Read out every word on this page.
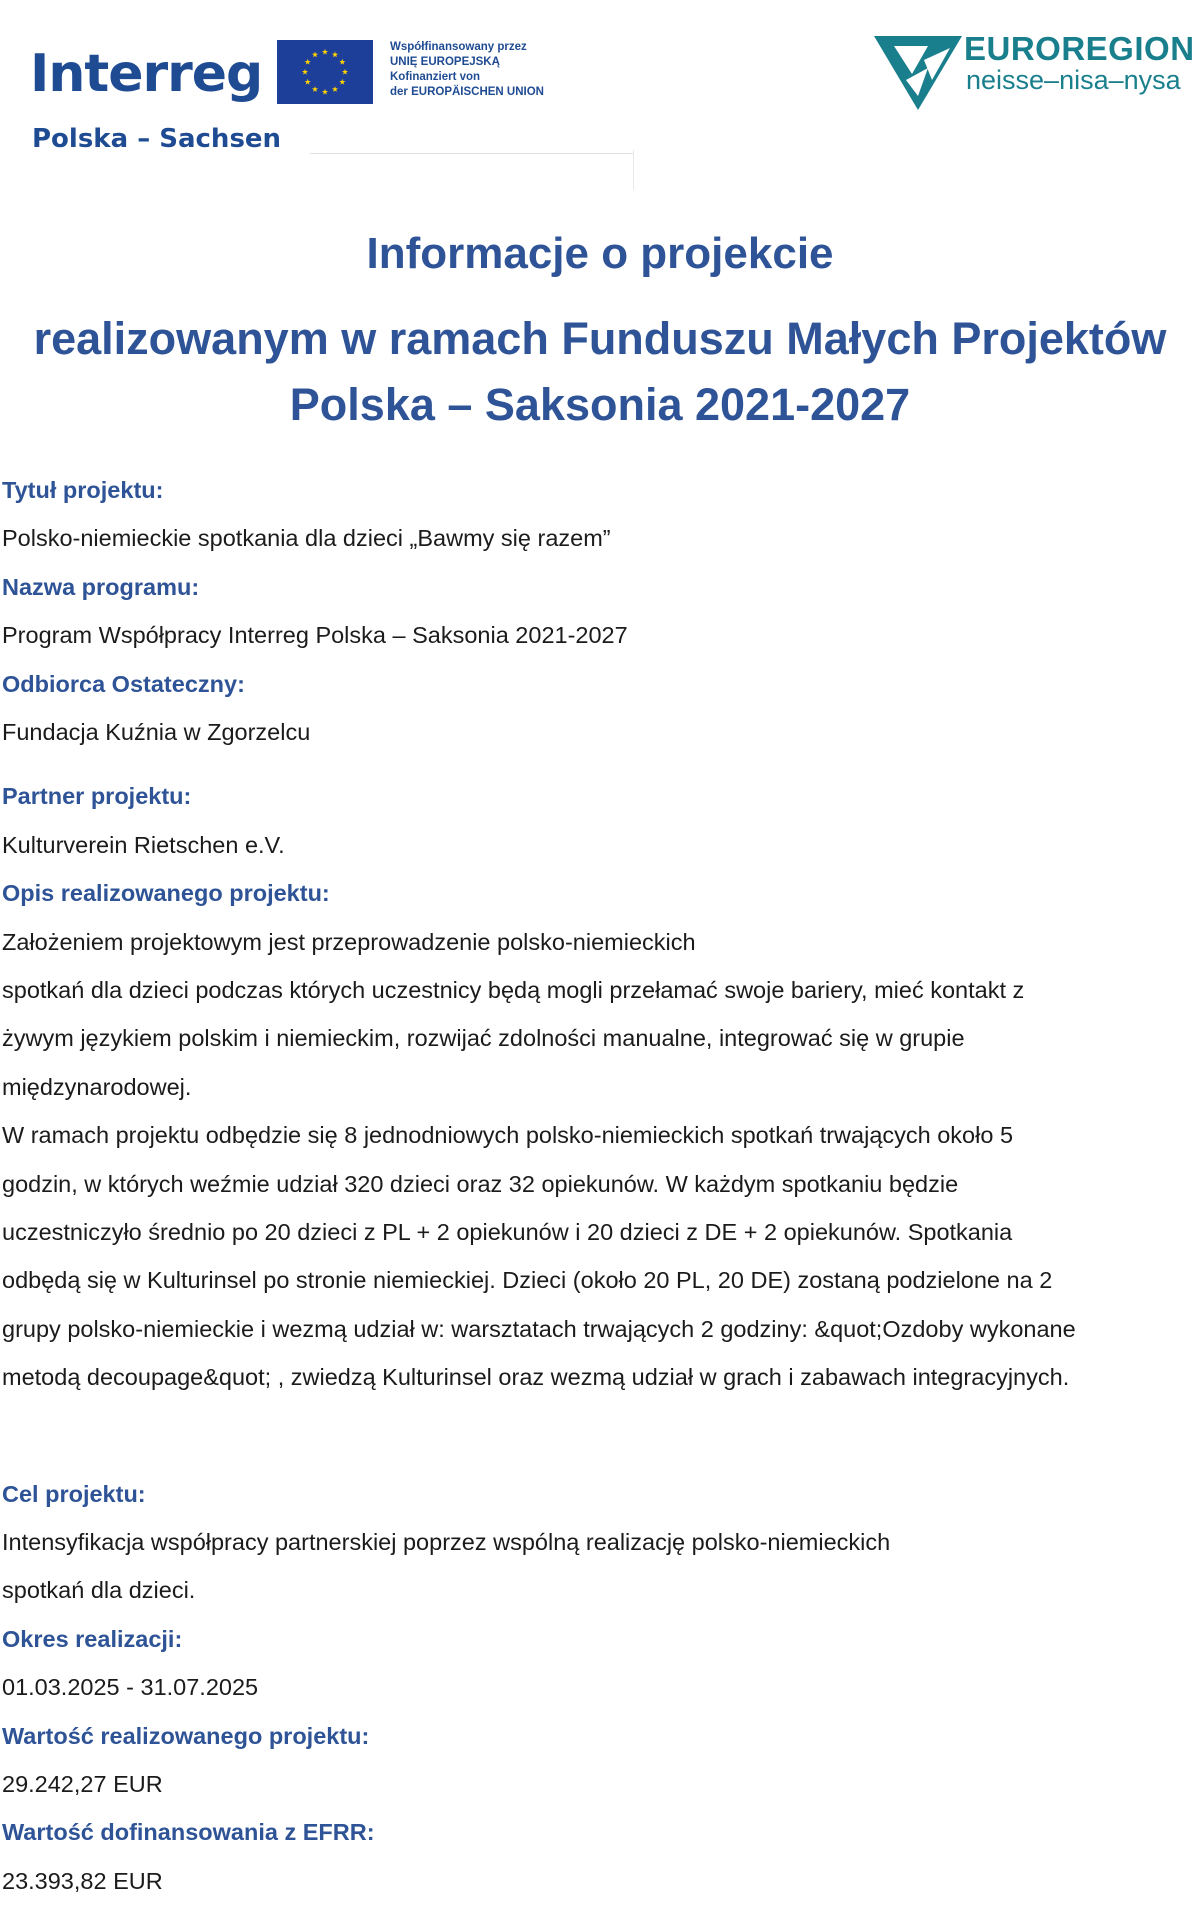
Interreg
Polska – Sachsen
Współfinansowany przez
UNIĘ EUROPEJSKĄ
Kofinanziert von
der EUROPÄISCHEN UNION
EUROREGION
neisse–nisa–nysa
Informacje o projekcie
realizowanym w ramach Funduszu Małych Projektów
Polska – Saksonia 2021-2027
Tytuł projektu:
Polsko-niemieckie spotkania dla dzieci „Bawmy się razem”
Nazwa programu:
Program Współpracy Interreg Polska – Saksonia 2021-2027
Odbiorca Ostateczny:
Fundacja Kuźnia w Zgorzelcu
Partner projektu:
Kulturverein Rietschen e.V.
Opis realizowanego projektu:
Założeniem projektowym jest przeprowadzenie polsko-niemieckich
spotkań dla dzieci podczas których uczestnicy będą mogli przełamać swoje bariery, mieć kontakt z
żywym językiem polskim i niemieckim, rozwijać zdolności manualne, integrować się w grupie
międzynarodowej.
W ramach projektu odbędzie się 8 jednodniowych polsko-niemieckich spotkań trwających około 5
godzin, w których weźmie udział 320 dzieci oraz 32 opiekunów. W każdym spotkaniu będzie
uczestniczyło średnio po 20 dzieci z PL + 2 opiekunów i 20 dzieci z DE + 2 opiekunów. Spotkania
odbędą się w Kulturinsel po stronie niemieckiej. Dzieci (około 20 PL, 20 DE) zostaną podzielone na 2
grupy polsko-niemieckie i wezmą udział w: warsztatach trwających 2 godziny: &quot;Ozdoby wykonane
metodą decoupage&quot; , zwiedzą Kulturinsel oraz wezmą udział w grach i zabawach integracyjnych.
Cel projektu:
Intensyfikacja współpracy partnerskiej poprzez wspólną realizację polsko-niemieckich
spotkań dla dzieci.
Okres realizacji:
01.03.2025 - 31.07.2025
Wartość realizowanego projektu:
29.242,27 EUR
Wartość dofinansowania z EFRR:
23.393,82 EUR
